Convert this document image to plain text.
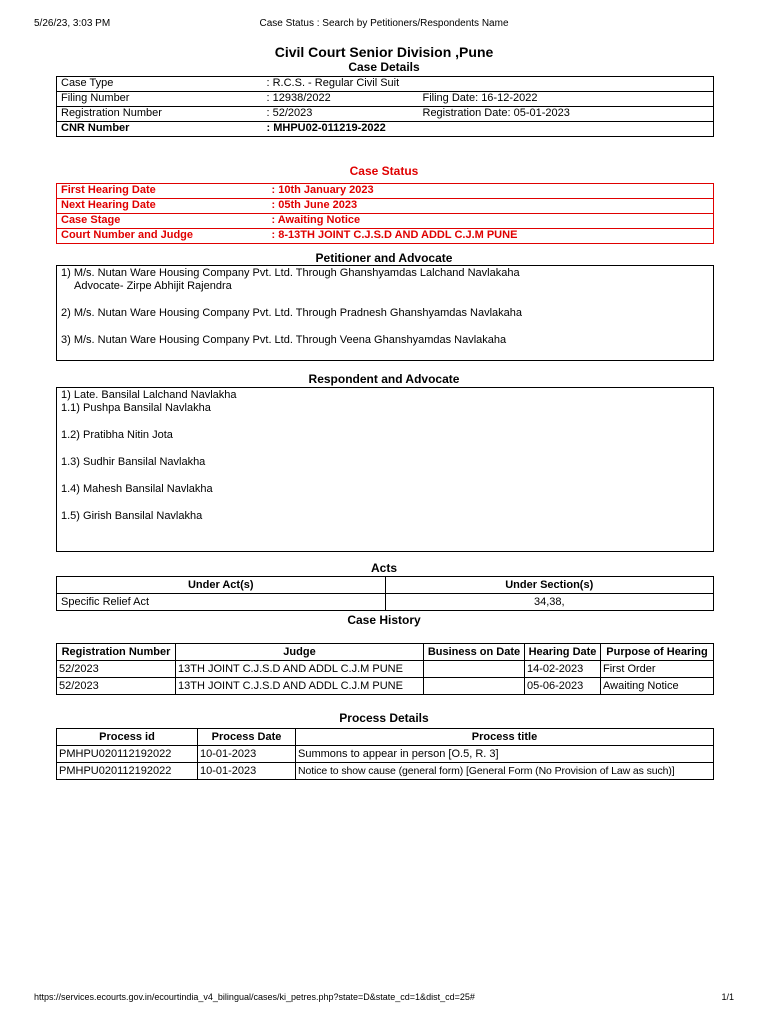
5/26/23, 3:03 PM	Case Status : Search by Petitioners/Respondents Name
Civil Court Senior Division ,Pune
Case Details
Case Type	: R.C.S. - Regular Civil Suit	
Filing Number	: 12938/2022	Filing Date: 16-12-2022
Registration Number	: 52/2023	Registration Date: 05-01-2023
CNR Number	: MHPU02-011219-2022	
Case Status
First Hearing Date	: 10th January 2023
Next Hearing Date	: 05th June 2023
Case Stage	: Awaiting Notice
Court Number and Judge	: 8-13TH JOINT C.J.S.D AND ADDL C.J.M PUNE
Petitioner and Advocate
1) M/s. Nutan Ware Housing Company Pvt. Ltd. Through Ghanshyamdas Lalchand Navlakaha
Advocate- Zirpe Abhijit Rajendra
2) M/s. Nutan Ware Housing Company Pvt. Ltd. Through Pradnesh Ghanshyamdas Navlakaha
3) M/s. Nutan Ware Housing Company Pvt. Ltd. Through Veena Ghanshyamdas Navlakaha
Respondent and Advocate
1) Late. Bansilal Lalchand Navlakha
1.1) Pushpa Bansilal Navlakha
1.2) Pratibha Nitin Jota
1.3) Sudhir Bansilal Navlakha
1.4) Mahesh Bansilal Navlakha
1.5) Girish Bansilal Navlakha
Acts
Under Act(s)	Under Section(s)
Specific Relief Act	34,38,
Case History
Registration Number	Judge	Business on Date	Hearing Date	Purpose of Hearing
52/2023	13TH JOINT C.J.S.D AND ADDL C.J.M PUNE		14-02-2023	First Order
52/2023	13TH JOINT C.J.S.D AND ADDL C.J.M PUNE		05-06-2023	Awaiting Notice
Process Details
Process id	Process Date	Process title
PMHPU020112192022	10-01-2023	Summons to appear in person [O.5, R. 3]
PMHPU020112192022	10-01-2023	Notice to show cause (general form) [General Form (No Provision of Law as such)]
https://services.ecourts.gov.in/ecourtindia_v4_bilingual/cases/ki_petres.php?state=D&state_cd=1&dist_cd=25#	1/1
